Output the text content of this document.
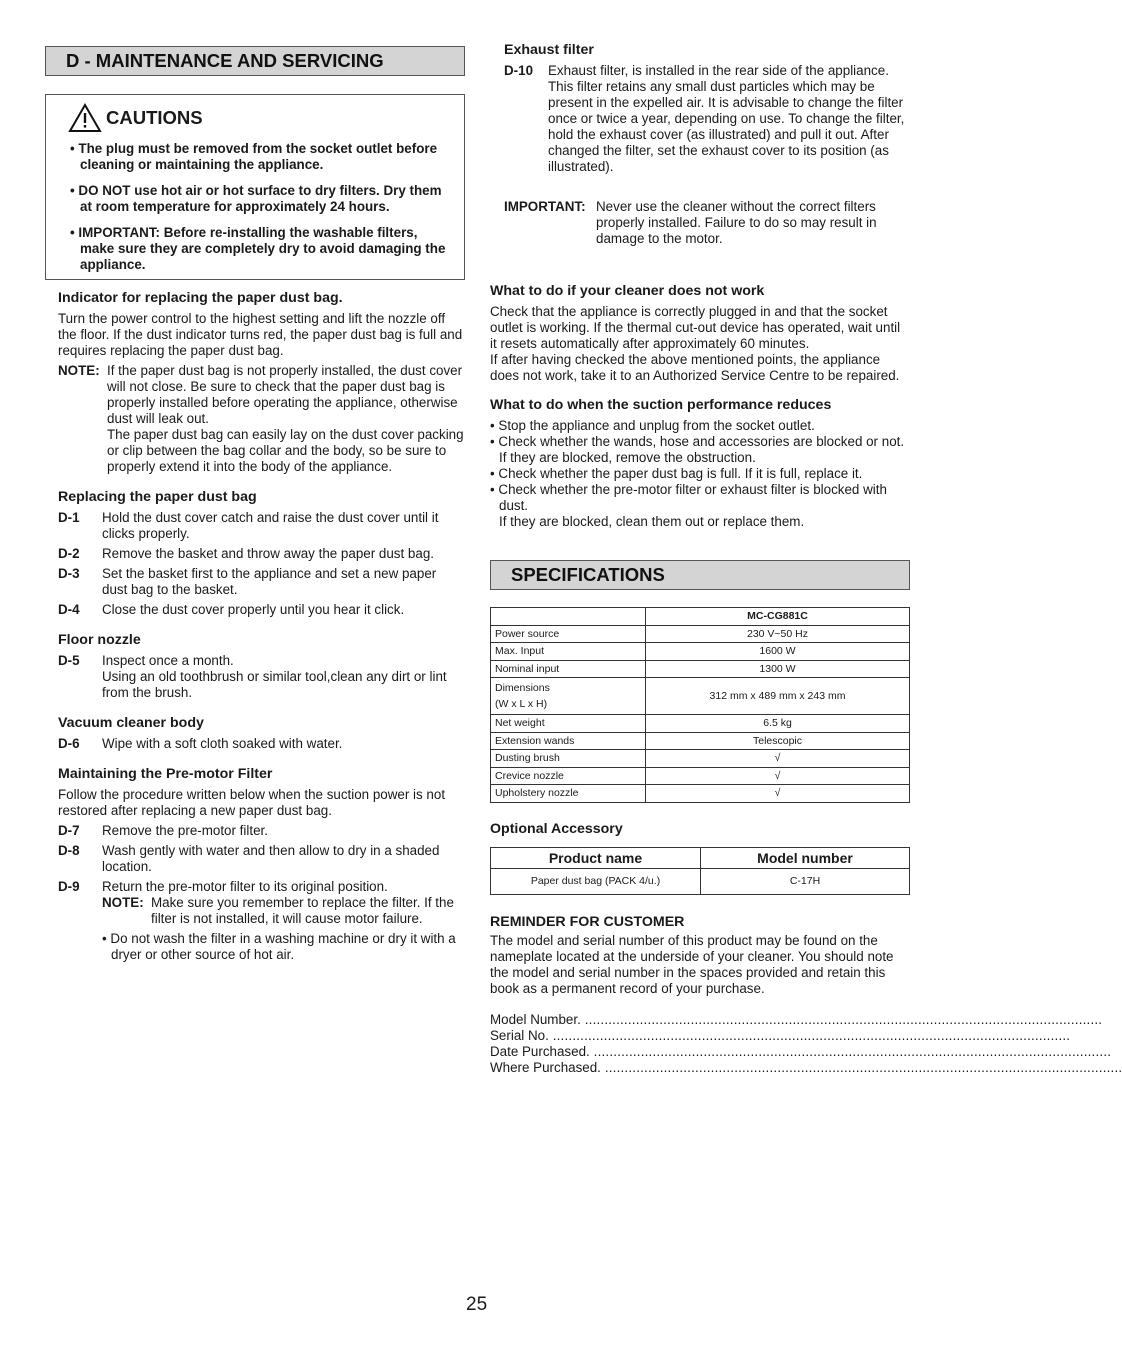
D - MAINTENANCE AND SERVICING
CAUTIONS
• The plug must be removed from the socket outlet before cleaning or maintaining the appliance.
• DO NOT use hot air or hot surface to dry filters. Dry them at room temperature for approximately 24 hours.
• IMPORTANT: Before re-installing the washable filters, make sure they are completely dry to avoid damaging the appliance.
Indicator for replacing the paper dust bag.

Turn the power control to the highest setting and lift the nozzle off the floor. If the dust indicator turns red, the paper dust bag is full and requires replacing the paper dust bag.

NOTE: If the paper dust bag is not properly installed, the dust cover will not close. Be sure to check that the paper dust bag is properly installed before operating the appliance, otherwise dust will leak out.
The paper dust bag can easily lay on the dust cover packing or clip between the bag collar and the body, so be sure to properly extend it into the body of the appliance.
Replacing the paper dust bag
D-1	Hold the dust cover catch and raise the dust cover until it clicks properly.
D-2	Remove the basket and throw away the paper dust bag.
D-3	Set the basket first to the appliance and set a new paper dust bag to the basket.
D-4	Close the dust cover properly until you hear it click.
Floor nozzle
D-5	Inspect once a month.
Using an old toothbrush or similar tool,clean any dirt or lint from the brush.
Vacuum cleaner body
D-6	Wipe with a soft cloth soaked with water.
Maintaining the Pre-motor Filter

Follow the procedure written below when the suction power is not restored after replacing a new paper dust bag.

D-7	Remove the pre-motor filter.
D-8	Wash gently with water and then allow to dry in a shaded location.
D-9	Return the pre-motor filter to its original position.
NOTE: Make sure you remember to replace the filter. If the filter is not installed, it will cause motor failure.
• Do not wash the filter in a washing machine or dry it with a dryer or other source of hot air.
Exhaust filter
D-10	Exhaust filter, is installed in the rear side of the appliance. This filter retains any small dust particles which may be present in the expelled air. It is advisable to change the filter once or twice a year, depending on use. To change the filter, hold the exhaust cover (as illustrated) and pull it out. After changed the filter, set the exhaust cover to its position (as illustrated).
IMPORTANT: Never use the cleaner without the correct filters properly installed. Failure to do so may result in damage to the motor.
What to do if your cleaner does not work

Check that the appliance is correctly plugged in and that the socket outlet is working. If the thermal cut-out device has operated, wait until it resets automatically after approximately 60 minutes.

If after having checked the above mentioned points, the appliance does not work, take it to an Authorized Service Centre to be repaired.

What to do when the suction performance reduces

• Stop the appliance and unplug from the socket outlet.

• Check whether the wands, hose and accessories are blocked or not. If they are blocked, remove the obstruction.

• Check whether the paper dust bag is full. If it is full, replace it.

• Check whether the pre-motor filter or exhaust filter is blocked with dust.
If they are blocked, clean them out or replace them.

SPECIFICATIONS
	MC-CG881C
Power source	230 V~50 Hz
Max. Input	1600 W
Nominal input	1300 W
Dimensions
(W x L x H)	312 mm x 489 mm x 243 mm
Net weight	6.5 kg
Extension wands	Telescopic
Dusting brush	√
Crevice nozzle	√
Upholstery nozzle	√
Optional Accessory
Product name	Model number
Paper dust bag (PACK 4/u.)	C-17H
REMINDER FOR CUSTOMER

The model and serial number of this product may be found on the nameplate located at the underside of your cleaner. You should note the model and serial number in the spaces provided and retain this book as a permanent record of your purchase.

Model Number. ....................................................................................................................................
Serial No. ....................................................................................................................................
Date Purchased. ....................................................................................................................................
Where Purchased. ....................................................................................................................................
25
